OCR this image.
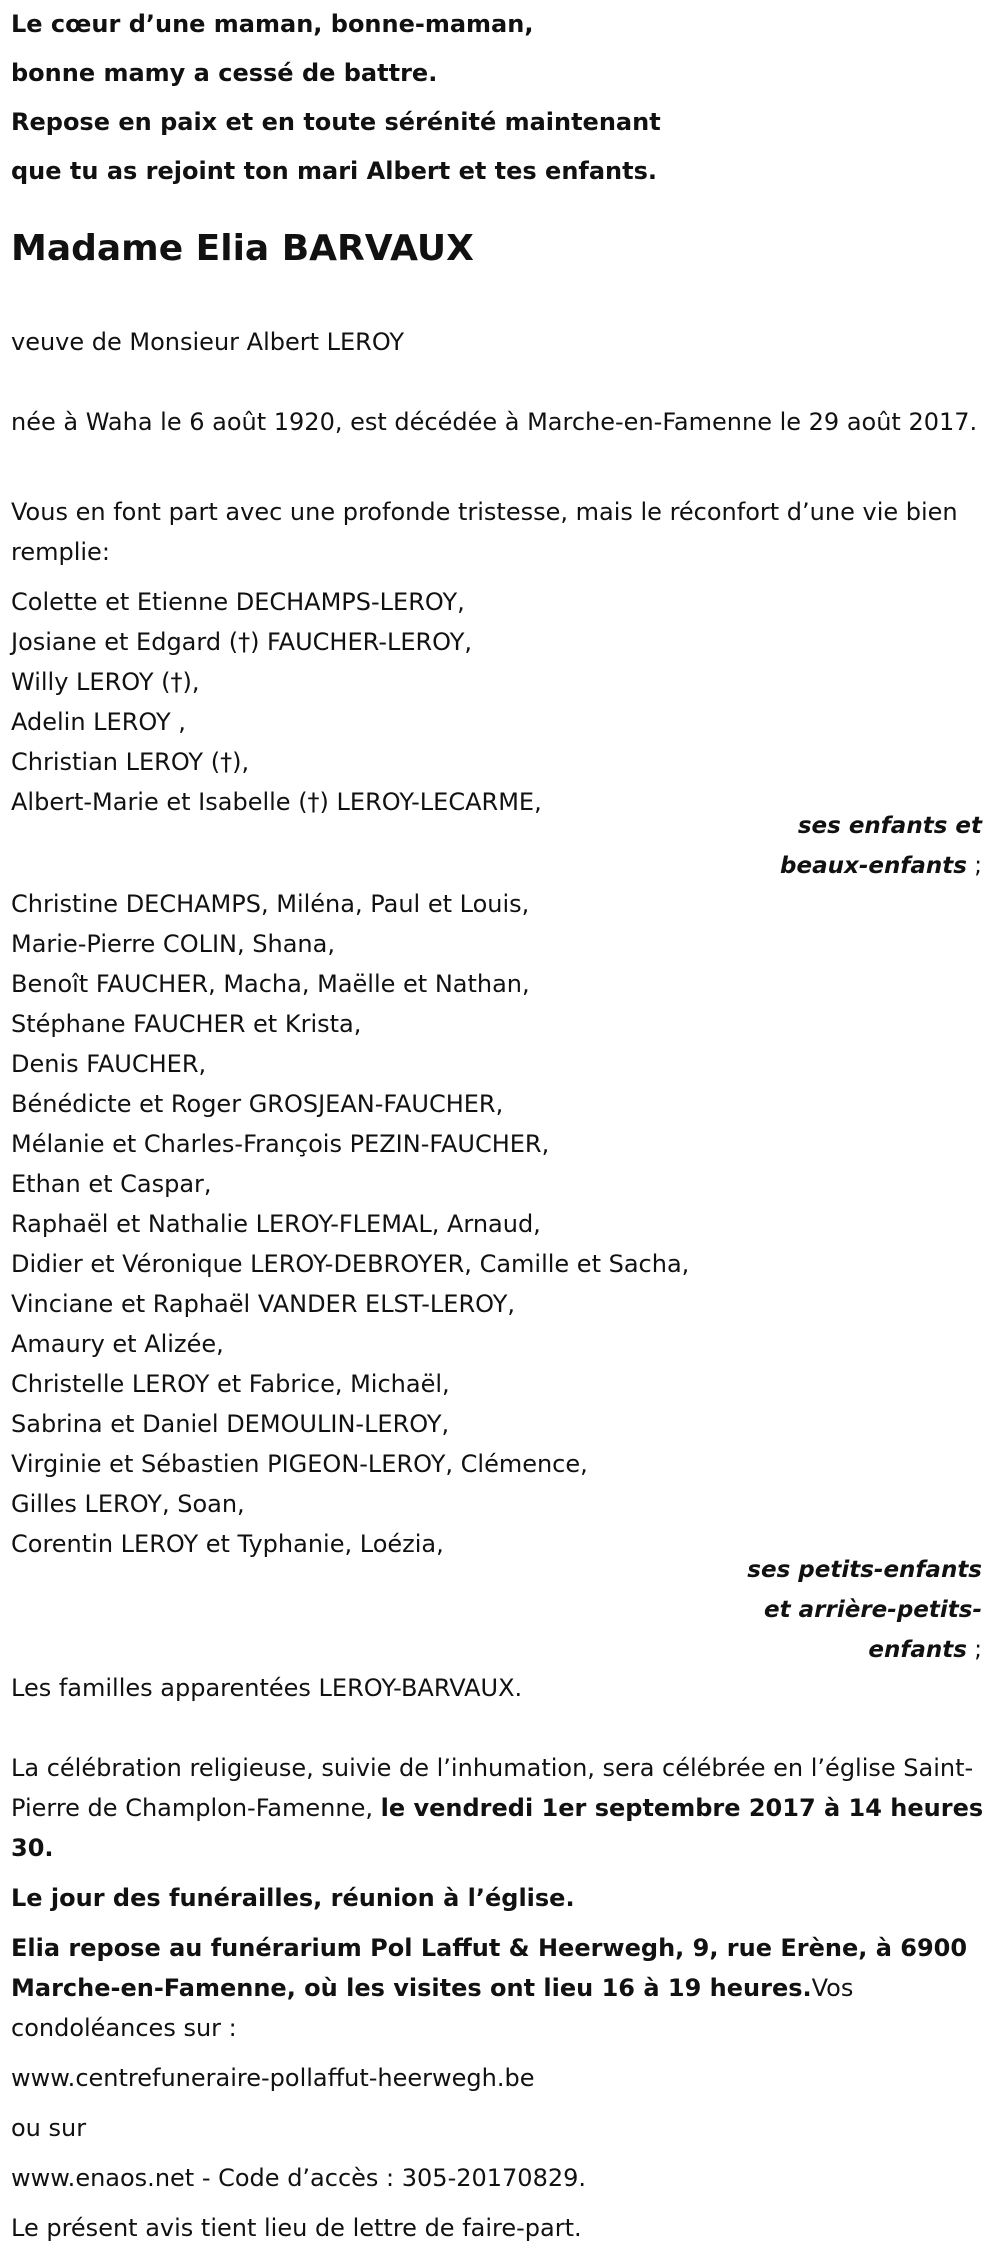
Le cœur d’une maman, bonne-maman,

bonne mamy a cessé de battre.

Repose en paix et en toute sérénité maintenant

que tu as rejoint ton mari Albert et tes enfants.

Madame Elia BARVAUX

veuve de Monsieur Albert LEROY

née à Waha le 6 août 1920, est décédée à Marche-en-Famenne le 29 août 2017.

Vous en font part avec une profonde tristesse, mais le réconfort d’une vie bien remplie:

Colette et Etienne DECHAMPS-LEROY,
Josiane et Edgard (†) FAUCHER-LEROY,
Willy LEROY (†),
Adelin LEROY ,
Christian LEROY (†),
Albert-Marie et Isabelle (†) LEROY-LECARME,
ses enfants et
beaux-enfants ;
Christine DECHAMPS, Miléna, Paul et Louis,
Marie-Pierre COLIN, Shana,
Benoît FAUCHER, Macha, Maëlle et Nathan,
Stéphane FAUCHER et Krista,
Denis FAUCHER,
Bénédicte et Roger GROSJEAN-FAUCHER,
Mélanie et Charles-François PEZIN-FAUCHER,
Ethan et Caspar,
Raphaël et Nathalie LEROY-FLEMAL, Arnaud,
Didier et Véronique LEROY-DEBROYER, Camille et Sacha,
Vinciane et Raphaël VANDER ELST-LEROY,
Amaury et Alizée,
Christelle LEROY et Fabrice, Michaël,
Sabrina et Daniel DEMOULIN-LEROY,
Virginie et Sébastien PIGEON-LEROY, Clémence,
Gilles LEROY, Soan,
Corentin LEROY et Typhanie, Loézia,
ses petits-enfants
et arrière-petits-
enfants ;

Les familles apparentées LEROY-BARVAUX.

La célébration religieuse, suivie de l’inhumation, sera célébrée en l’église Saint-Pierre de Champlon-Famenne, le vendredi 1er septembre 2017 à 14 heures 30.

Le jour des funérailles, réunion à l’église.

Elia repose au funérarium Pol Laffut & Heerwegh, 9, rue Erène, à 6900 Marche-en-Famenne, où les visites ont lieu 16 à 19 heures.Vos condoléances sur :

www.centrefuneraire-pollaffut-heerwegh.be

ou sur

www.enaos.net - Code d’accès : 305-20170829.

Le présent avis tient lieu de lettre de faire-part.
